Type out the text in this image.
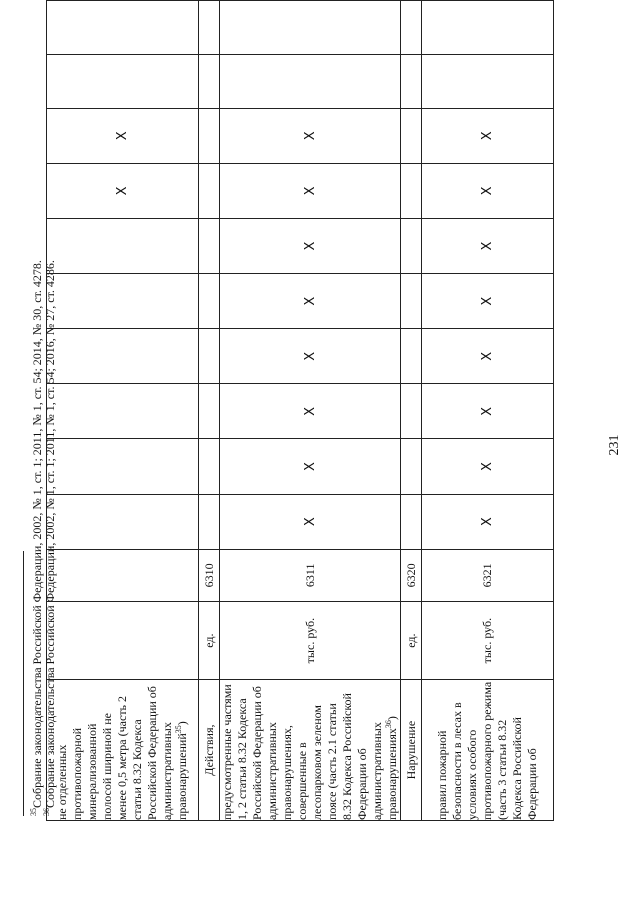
231
$^{35}$Собрание законодательства Российской Федерации, 2002, № 1, ст. 1; 2011, № 1, ст. 54; 2014, № 30, ст. 4278.
$^{36}$Собрание законодательства Российской Федерации, 2002, № 1, ст. 1; 2011, № 1, ст. 54; 2016, № 27, ст. 4286.
не отделенных противопожарной минерализованной полосой шириной не менее 0,5 метра (часть 2 статьи 8.32 Кодекса Российской Федерации об административных правонарушений$^{35}$)									Х	Х		
Действия,	ед.	6310										
предусмотренные частями 1, 2 статьи 8.32 Кодекса Российской Федерации об административных правонарушениях, совершенные в лесопарковом зеленом поясе (часть 2.1 статьи 8.32 Кодекса Российской Федерации об административных правонарушениях$^{36}$)	тыс. руб.	6311	Х	Х	Х	Х	Х	Х	Х	Х		
Нарушение	ед.	6320										
правил пожарной безопасности в лесах в условиях особого противопожарного режима (часть 3 статьи 8.32 Кодекса Российской Федерации об	тыс. руб.	6321	Х	Х	Х	Х	Х	Х	Х	Х		
